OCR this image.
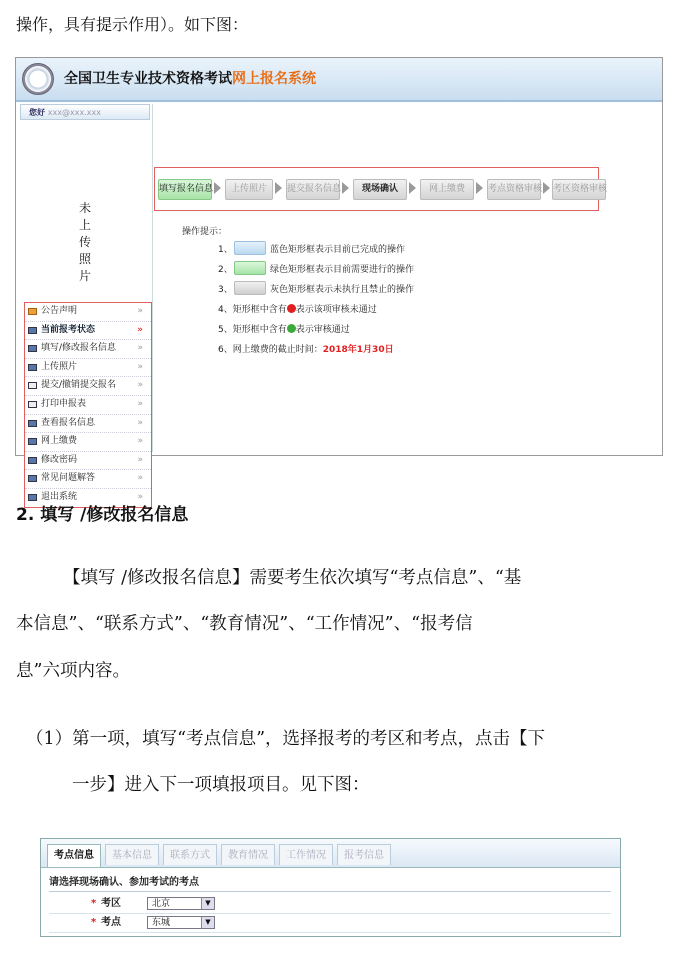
操作，具有提示作用）。如下图：
全国卫生专业技术资格考试网上报名系统
您好 xxx@xxx.xxx
未
上
传
照
片
公告声明	»
当前报考状态	»
填写/修改报名信息 »
上传照片	»
提交/撤销提交报名 »
打印申报表	»
查看报名信息	»
网上缴费	»
修改密码	»
常见问题解答	»
退出系统	»
填写报名信息	上传照片	提交报名信息	现场确认	网上缴费	考点资格审核 考区资格审核
操作提示：
1、	蓝色矩形框表示目前已完成的操作
2、	绿色矩形框表示目前需要进行的操作
3、	灰色矩形框表示未执行且禁止的操作
4、矩形框中含有 表示该项审核未通过
5、矩形框中含有 表示审核通过
6、网上缴费的截止时间：2018年1月30日
2. 填写 /修改报名信息
【填写 /修改报名信息】需要考生依次填写“考点信息”、“基
本信息”、“联系方式”、“教育情况”、“工作情况”、“报考信
息”六项内容。
（1）第一项，填写“考点信息”，选择报考的考区和考点，点击【下
一步】进入下一项填报项目。见下图：
考点信息	基本信息	联系方式	教育情况	工作情况	报考信息
请选择现场确认、参加考试的考点
* 考区	北京	▼
* 考点	东城	▼
